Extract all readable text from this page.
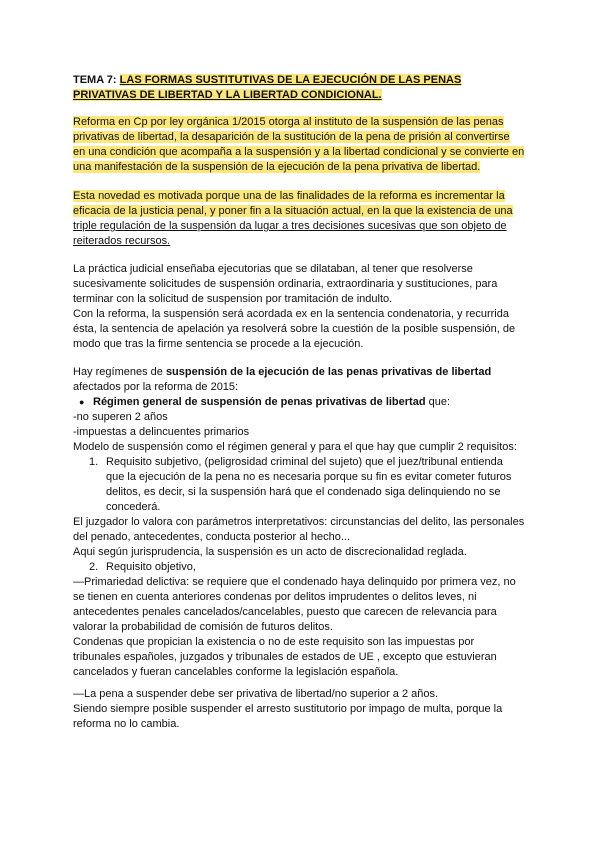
TEMA 7: LAS FORMAS SUSTITUTIVAS DE LA EJECUCIÓN DE LAS PENAS
PRIVATIVAS DE LIBERTAD Y LA LIBERTAD CONDICIONAL.
Reforma en Cp por ley orgánica 1/2015 otorga al instituto de la suspensión de las penas
privativas de libertad, la desaparición de la sustitución de la pena de prisión al convertirse
en una condición que acompaña a la suspensión y a la libertad condicional y se convierte en
una manifestación de la suspensión de la ejecución de la pena privativa de libertad.
Esta novedad es motivada porque una de las finalidades de la reforma es incrementar la
eficacia de la justicia penal, y poner fin a la situación actual, en la que la existencia de una
triple regulación de la suspensión da lugar a tres decisiones sucesivas que son objeto de
reiterados recursos.
La práctica judicial enseñaba ejecutorias que se dilataban, al tener que resolverse
sucesivamente solicitudes de suspensión ordinaria, extraordinaria y sustituciones, para
terminar con la solicitud de suspension por tramitación de indulto.
Con la reforma, la suspensión será acordada ex en la sentencia condenatoria, y recurrida
ésta, la sentencia de apelación ya resolverá sobre la cuestión de la posible suspensión, de
modo que tras la firme sentencia se procede a la ejecución.
Hay regímenes de suspensión de la ejecución de las penas privativas de libertad
afectados por la reforma de 2015:
● Régimen general de suspensión de penas privativas de libertad que:
-no superen 2 años
-impuestas a delincuentes primarios
Modelo de suspensión como el régimen general y para el que hay que cumplir 2 requisitos:
1. Requisito subjetivo, (peligrosidad criminal del sujeto) que el juez/tribunal entienda
que la ejecución de la pena no es necesaria porque su fin es evitar cometer futuros
delitos, es decir, si la suspensión hará que el condenado siga delinquiendo no se
concederá.
El juzgador lo valora con parámetros interpretativos: circunstancias del delito, las personales
del penado, antecedentes, conducta posterior al hecho...
Aqui según jurisprudencia, la suspensión es un acto de discrecionalidad reglada.
2. Requisito objetivo,
—Primariedad delictiva: se requiere que el condenado haya delinquido por primera vez, no
se tienen en cuenta anteriores condenas por delitos imprudentes o delitos leves, ni
antecedentes penales cancelados/cancelables, puesto que carecen de relevancia para
valorar la probabilidad de comisión de futuros delitos.
Condenas que propician la existencia o no de este requisito son las impuestas por
tribunales españoles, juzgados y tribunales de estados de UE , excepto que estuvieran
cancelados y fueran cancelables conforme la legislación española.
—La pena a suspender debe ser privativa de libertad/no superior a 2 años.
Siendo siempre posible suspender el arresto sustitutorio por impago de multa, porque la
reforma no lo cambia.
